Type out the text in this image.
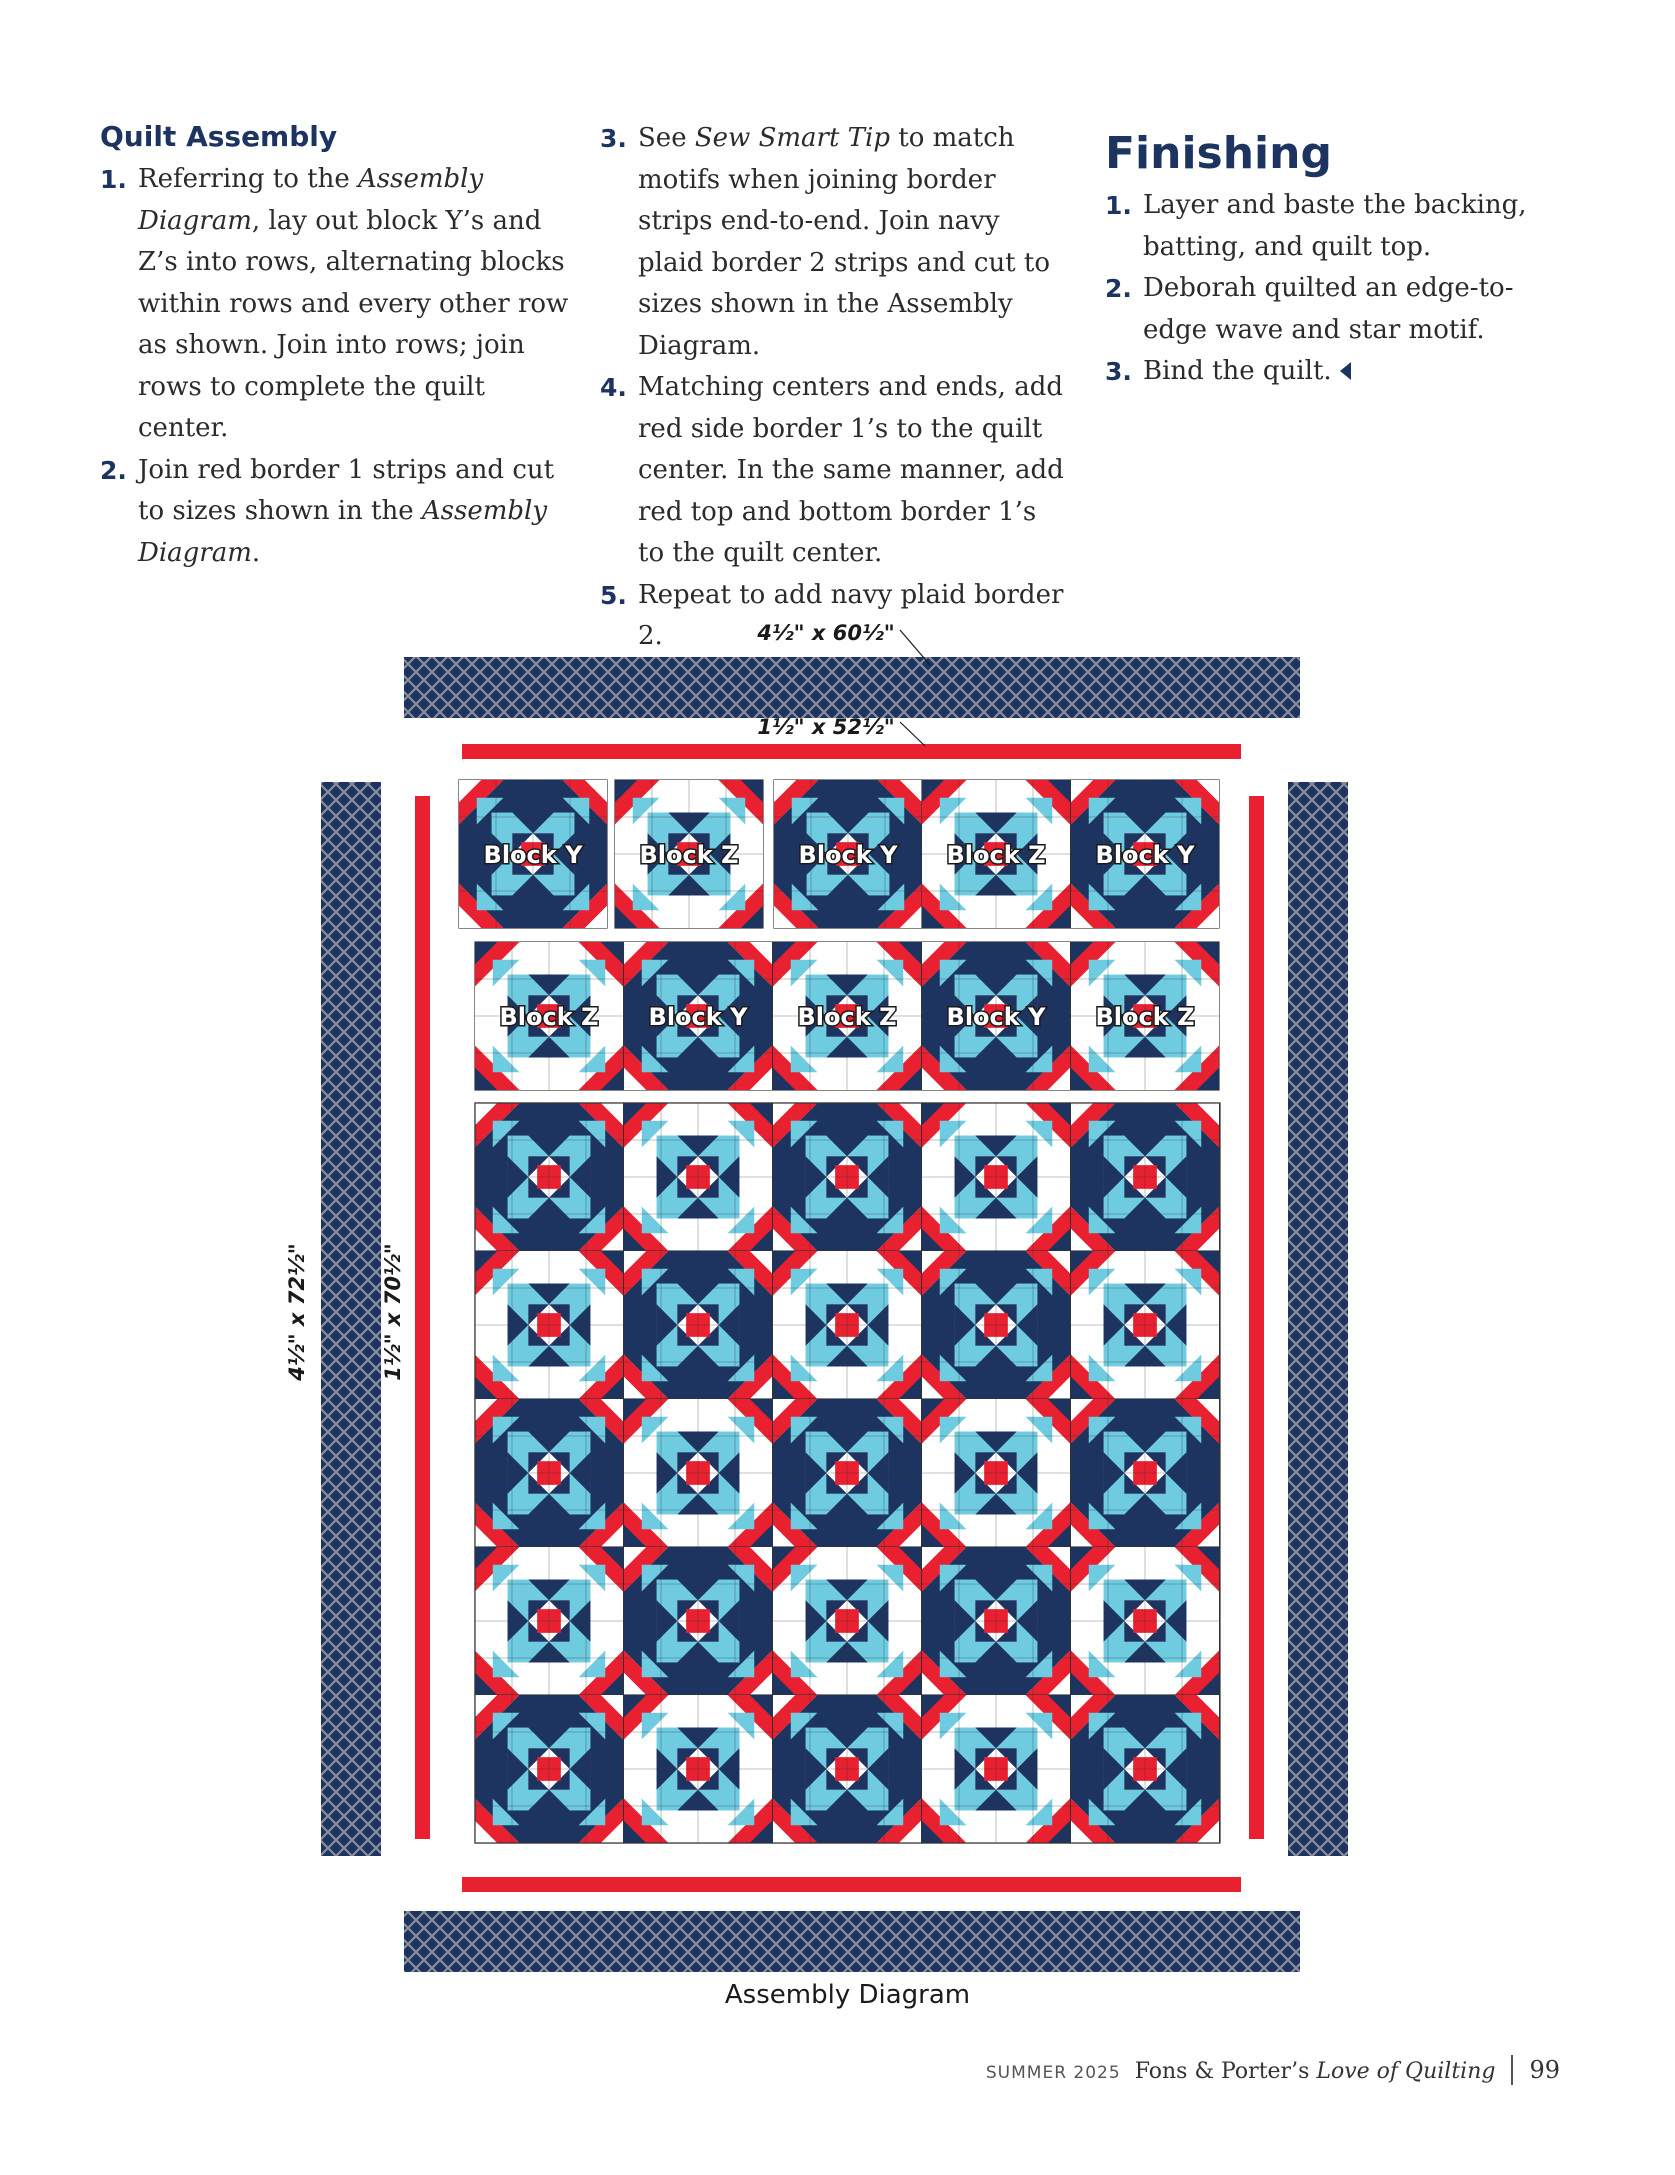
Quilt Assembly
1. Referring to the Assembly Diagram, lay out block Y’s and Z’s into rows, alternating blocks within rows and every other row as shown. Join into rows; join rows to complete the quilt center.
2. Join red border 1 strips and cut to sizes shown in the Assembly Diagram.
3. See Sew Smart Tip to match motifs when joining border strips end-to-end. Join navy plaid border 2 strips and cut to sizes shown in the Assembly Diagram.
4. Matching centers and ends, add red side border 1’s to the quilt center. In the same manner, add red top and bottom border 1’s to the quilt center.
5. Repeat to add navy plaid border 2.
Finishing
1. Layer and baste the backing, batting, and quilt top.
2. Deborah quilted an edge-to-edge wave and star motif.
3. Bind the quilt.
Block Y Block Z	Block Y Block Z Block Y
Block Z Block Y Block Z Block Y Block Z
4½" x 60½"
1½" x 52½"
4½" x 72½"	1½" x 70½"
Assembly Diagram
SUMMER 2025 Fons & Porter’s Love of Quilting 99
